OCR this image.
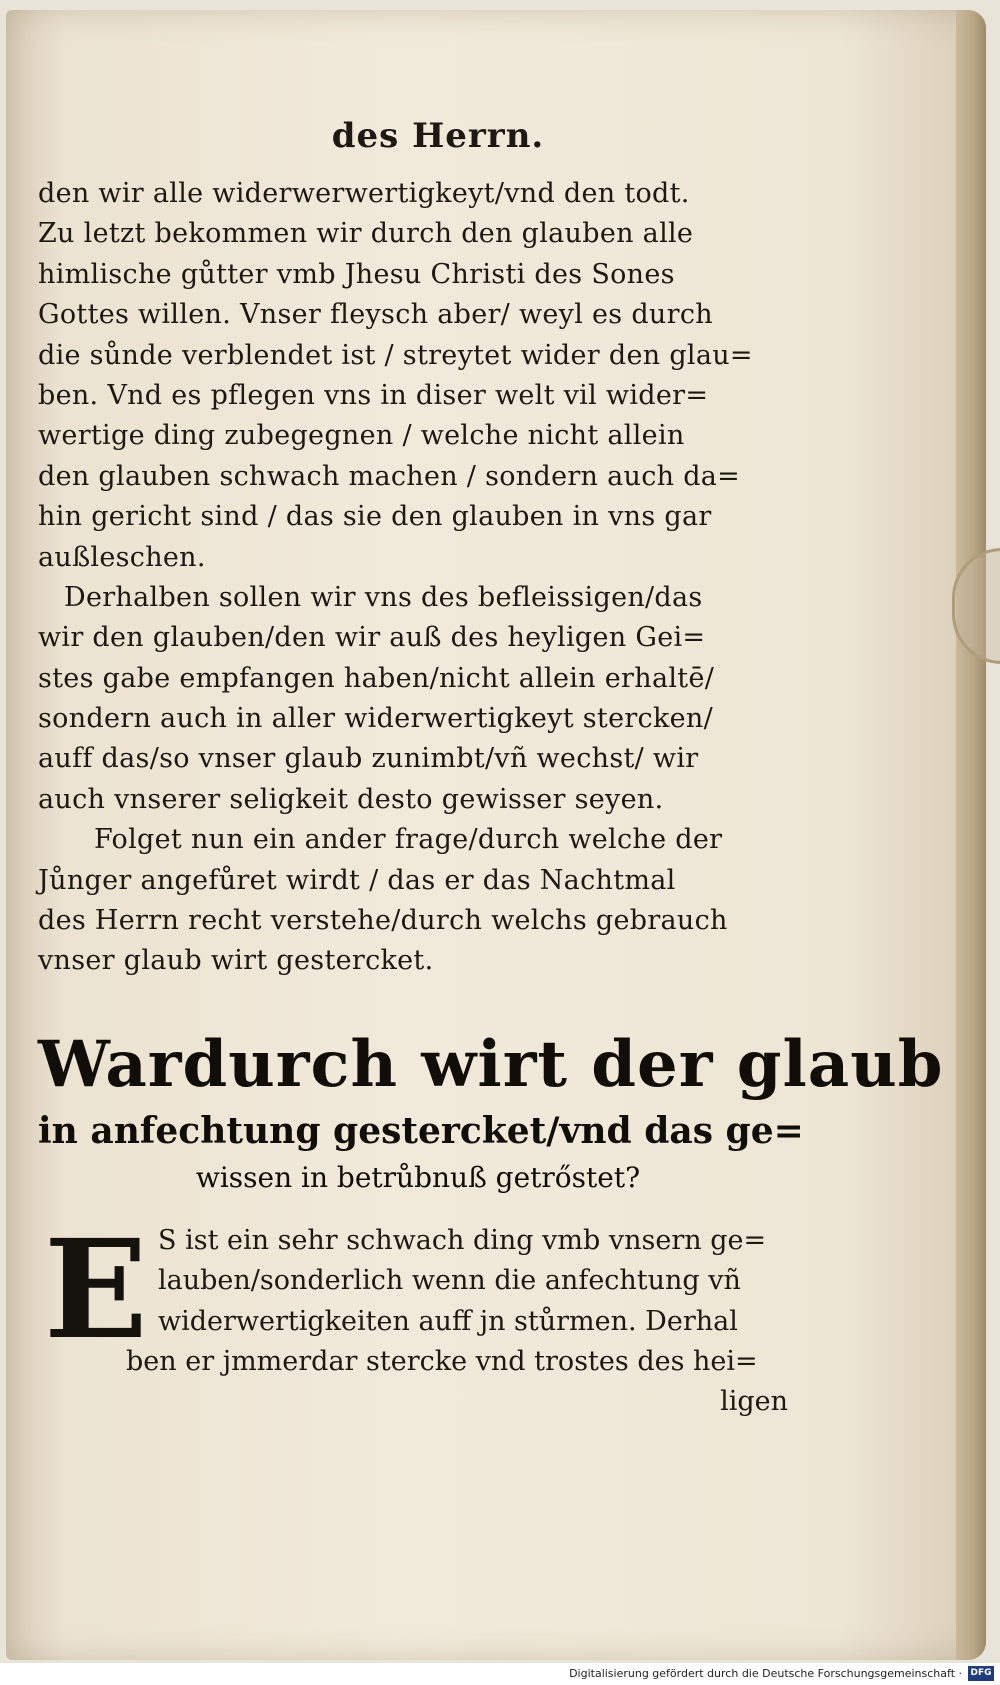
des Herrn.
den wir alle widerwerwertigkeyt/vnd den todt.
Zu letzt bekommen wir durch den glauben alle
himlische gůtter vmb Jhesu Christi des Sones
Gottes willen. Vnser fleysch aber/ weyl es durch
die sůnde verblendet ist / streytet wider den glau=
ben. Vnd es pflegen vns in diser welt vil wider=
wertige ding zubegegnen / welche nicht allein
den glauben schwach machen / sondern auch da=
hin gericht sind / das sie den glauben in vns gar
außleschen.
Derhalben sollen wir vns des befleissigen/das
wir den glauben/den wir auß des heyligen Gei=
stes gabe empfangen haben/nicht allein erhaltē/
sondern auch in aller widerwertigkeyt stercken/
auff das/so vnser glaub zunimbt/vñ wechst/ wir
auch vnserer seligkeit desto gewisser seyen.
Folget nun ein ander frage/durch welche der
Jůnger angefůret wirdt / das er das Nachtmal
des Herrn recht verstehe/durch welchs gebrauch
vnser glaub wirt gestercket.
Wardurch wirt der glaub
in anfechtung gestercket/vnd das ge=
wissen in betrůbnuß getrőstet?
E S ist ein sehr schwach ding vmb vnsern ge=
lauben/sonderlich wenn die anfechtung vñ
widerwertigkeiten auff jn stůrmen. Derhal
ben er jmmerdar stercke vnd trostes des hei=
ligen
Digitalisierung gefördert durch die Deutsche Forschungsgemeinschaft · DFG
